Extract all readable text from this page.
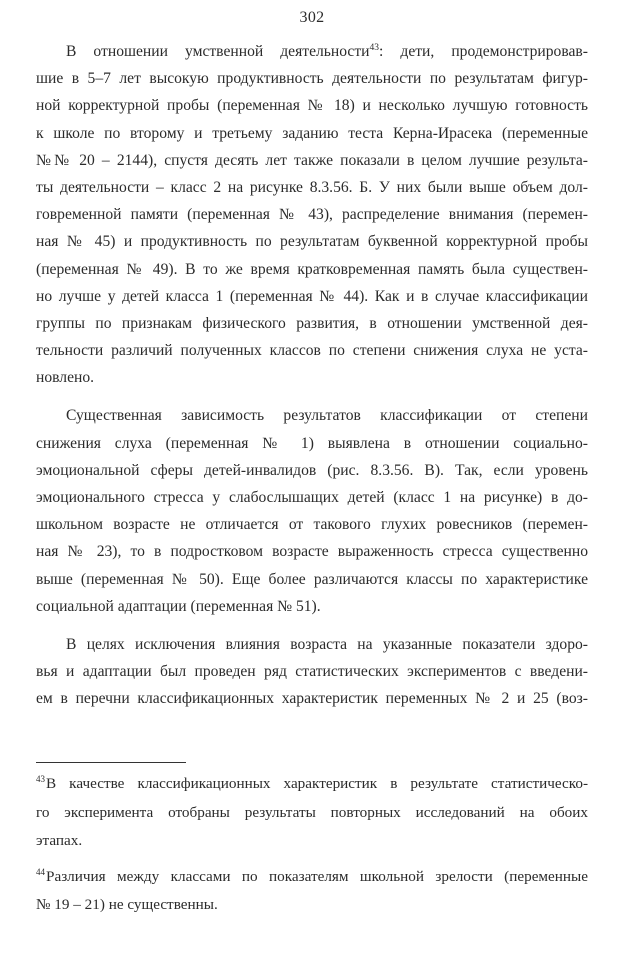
302
В отношении умственной деятельности$^{43}$: дети, продемонстрировав-
шие в 5–7 лет высокую продуктивность деятельности по результатам фигур-
ной корректурной пробы (переменная № 18) и несколько лучшую готовность
к школе по второму и третьему заданию теста Керна-Ирасека (переменные
№№ 20 – 2144), спустя десять лет также показали в целом лучшие результа-
ты деятельности – класс 2 на рисунке 8.3.56. Б. У них были выше объем дол-
говременной памяти (переменная № 43), распределение внимания (перемен-
ная № 45) и продуктивность по результатам буквенной корректурной пробы
(переменная № 49). В то же время кратковременная память была существен-
но лучше у детей класса 1 (переменная № 44). Как и в случае классификации
группы по признакам физического развития, в отношении умственной дея-
тельности различий полученных классов по степени снижения слуха не уста-
новлено.
Существенная зависимость результатов классификации от степени
снижения слуха (переменная № 1) выявлена в отношении социально-
эмоциональной сферы детей-инвалидов (рис. 8.3.56. В). Так, если уровень
эмоционального стресса у слабослышащих детей (класс 1 на рисунке) в до-
школьном возрасте не отличается от такового глухих ровесников (перемен-
ная № 23), то в подростковом возрасте выраженность стресса существенно
выше (переменная № 50). Еще более различаются классы по характеристике
социальной адаптации (переменная № 51).
В целях исключения влияния возраста на указанные показатели здоро-
вья и адаптации был проведен ряд статистических экспериментов с введени-
ем в перечни классификационных характеристик переменных № 2 и 25 (воз-
$^{43}$В качестве классификационных характеристик в результате статистическо-
го эксперимента отобраны результаты повторных исследований на обоих
этапах.
$^{44}$Различия между классами по показателям школьной зрелости (переменные
№ 19 – 21) не существенны.
